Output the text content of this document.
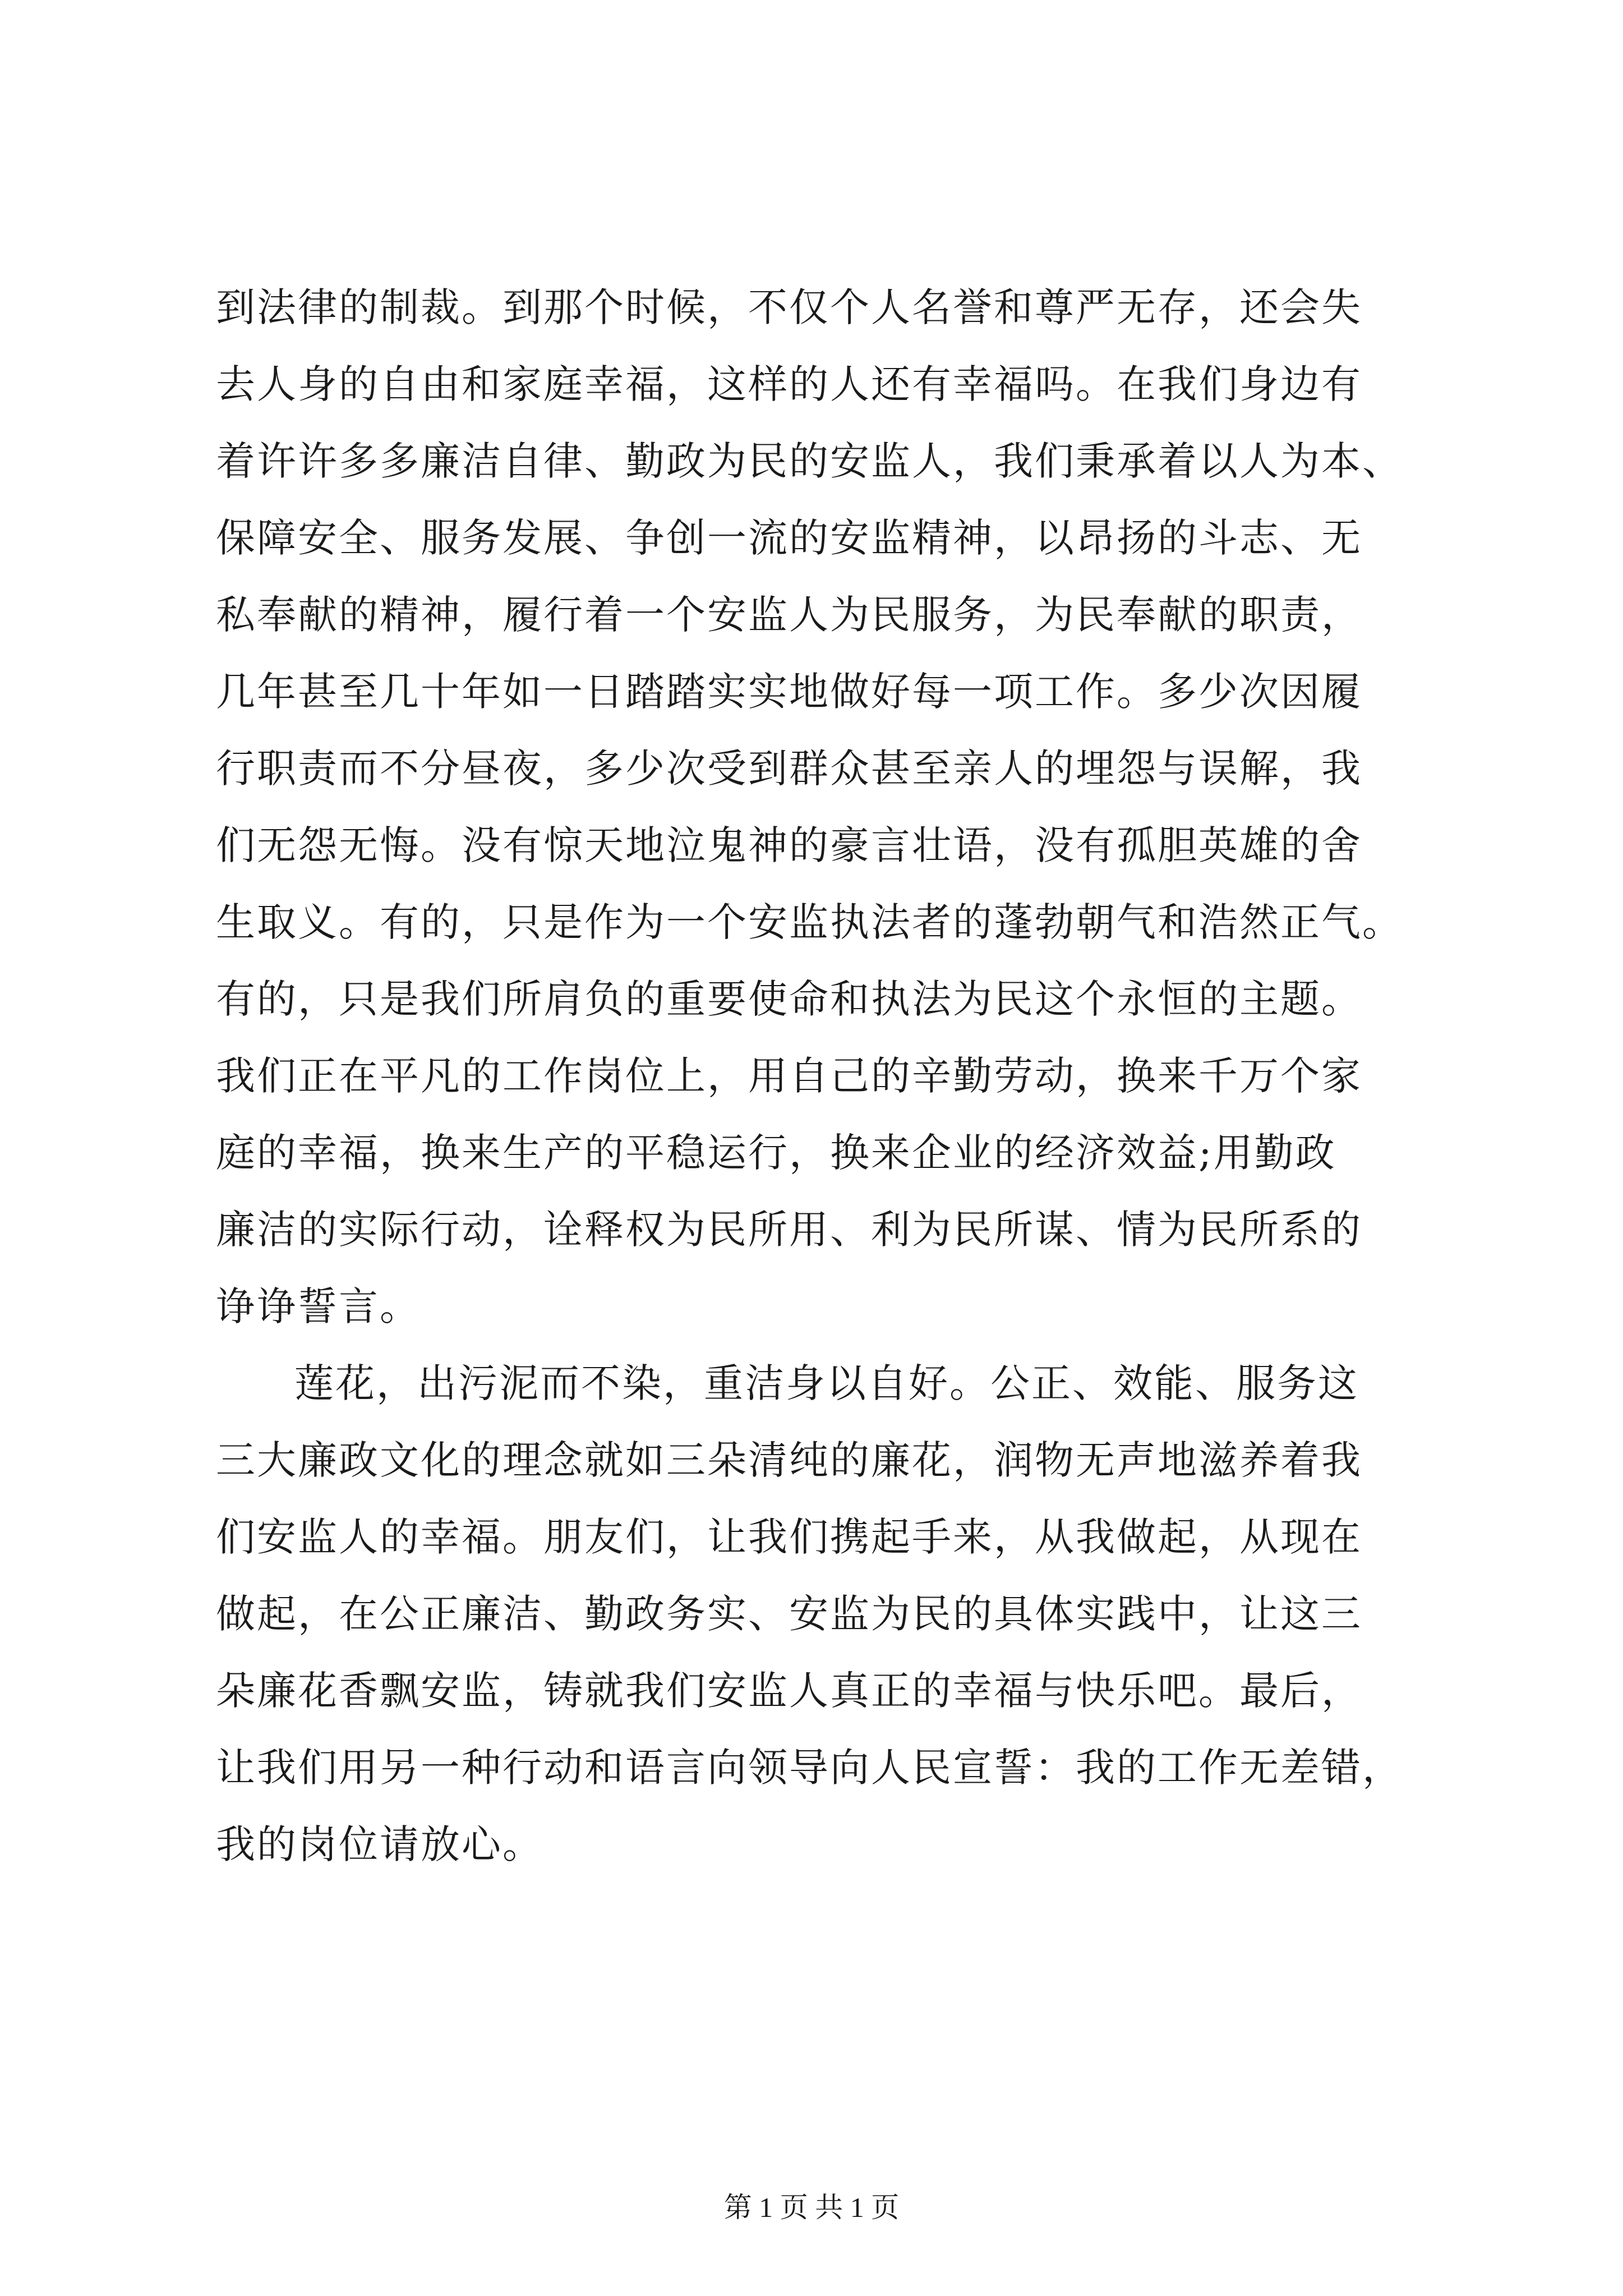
到法律的制裁。到那个时候，不仅个人名誉和尊严无存，还会失
去人身的自由和家庭幸福，这样的人还有幸福吗。在我们身边有
着许许多多廉洁自律、勤政为民的安监人，我们秉承着以人为本、
保障安全、服务发展、争创一流的安监精神，以昂扬的斗志、无
私奉献的精神，履行着一个安监人为民服务，为民奉献的职责，
几年甚至几十年如一日踏踏实实地做好每一项工作。多少次因履
行职责而不分昼夜，多少次受到群众甚至亲人的埋怨与误解，我
们无怨无悔。没有惊天地泣鬼神的豪言壮语，没有孤胆英雄的舍
生取义。有的，只是作为一个安监执法者的蓬勃朝气和浩然正气。
有的，只是我们所肩负的重要使命和执法为民这个永恒的主题。
我们正在平凡的工作岗位上，用自己的辛勤劳动，换来千万个家
庭的幸福，换来生产的平稳运行，换来企业的经济效益;用勤政
廉洁的实际行动，诠释权为民所用、利为民所谋、情为民所系的
诤诤誓言。
莲花，出污泥而不染，重洁身以自好。公正、效能、服务这
三大廉政文化的理念就如三朵清纯的廉花，润物无声地滋养着我
们安监人的幸福。朋友们，让我们携起手来，从我做起，从现在
做起，在公正廉洁、勤政务实、安监为民的具体实践中，让这三
朵廉花香飘安监，铸就我们安监人真正的幸福与快乐吧。最后，
让我们用另一种行动和语言向领导向人民宣誓：我的工作无差错，
我的岗位请放心。
第 1 页 共 1 页
